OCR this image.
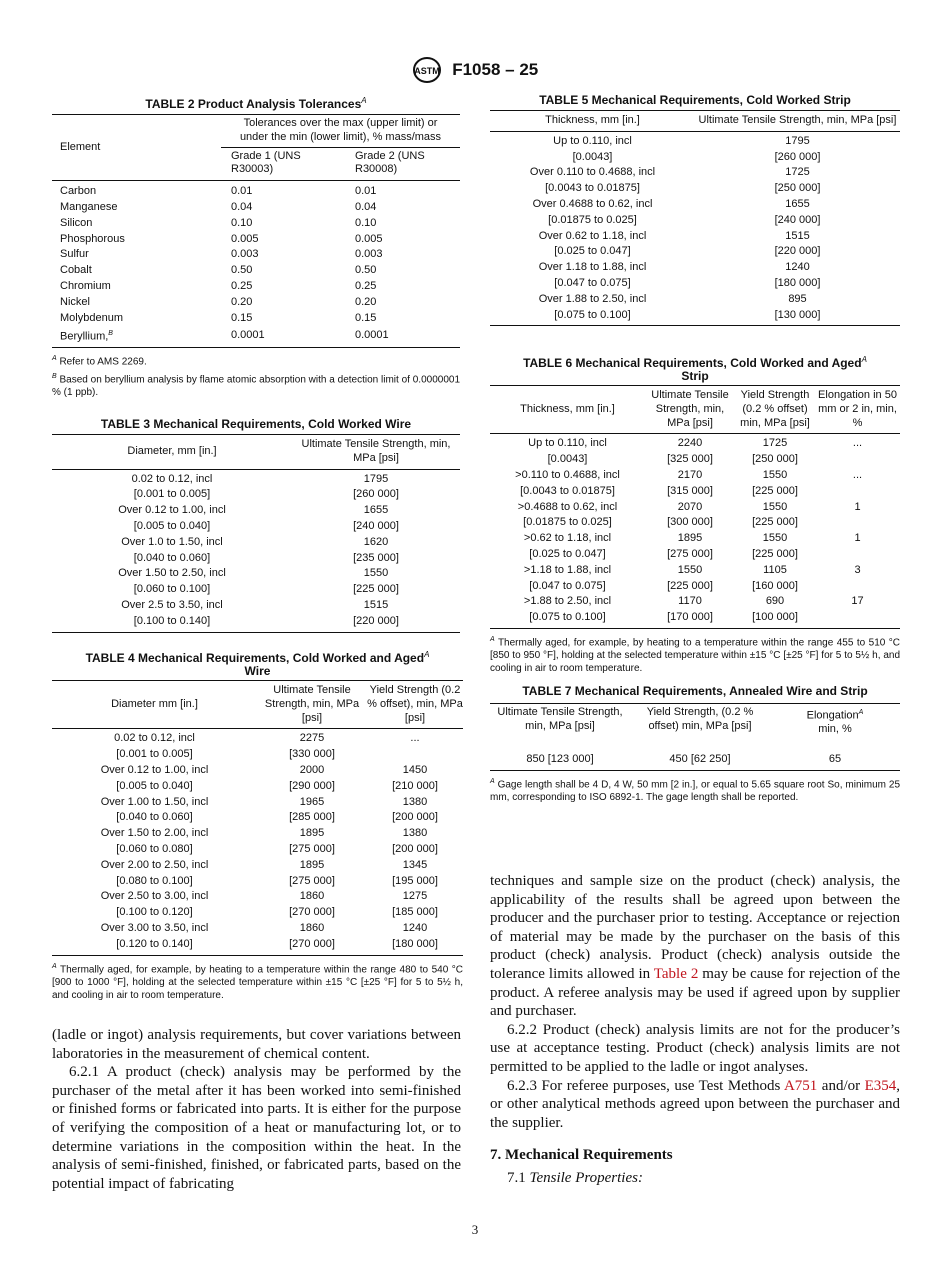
ASTM F1058 – 25
TABLE 2 Product Analysis Tolerances$^A$
Element	Tolerances over the max (upper limit) or under the min (lower limit), % mass/mass	
	Grade 1 (UNS R30003)	Grade 2 (UNS R30008)
Carbon	0.01	0.01
Manganese	0.04	0.04
Silicon	0.10	0.10
Phosphorous	0.005	0.005
Sulfur	0.003	0.003
Cobalt	0.50	0.50
Chromium	0.25	0.25
Nickel	0.20	0.20
Molybdenum	0.15	0.15
Beryllium,$^B$	0.0001	0.0001
$^A$ Refer to AMS 2269.
$^B$ Based on beryllium analysis by flame atomic absorption with a detection limit of 0.0000001 % (1 ppb).
TABLE 3 Mechanical Requirements, Cold Worked Wire
Diameter, mm [in.]	Ultimate Tensile Strength, min, MPa [psi]
0.02 to 0.12, incl	1795
[0.001 to 0.005]	[260 000]
Over 0.12 to 1.00, incl	1655
[0.005 to 0.040]	[240 000]
Over 1.0 to 1.50, incl	1620
[0.040 to 0.060]	[235 000]
Over 1.50 to 2.50, incl	1550
[0.060 to 0.100]	[225 000]
Over 2.5 to 3.50, incl	1515
[0.100 to 0.140]	[220 000]
TABLE 4 Mechanical Requirements, Cold Worked and Aged$^A$
Wire
Diameter mm [in.]	Ultimate Tensile Strength, min, MPa [psi]	Yield Strength (0.2 % offset), min, MPa [psi]
0.02 to 0.12, incl	2275	...
[0.001 to 0.005]	[330 000]	
Over 0.12 to 1.00, incl	2000	1450
[0.005 to 0.040]	[290 000]	[210 000]
Over 1.00 to 1.50, incl	1965	1380
[0.040 to 0.060]	[285 000]	[200 000]
Over 1.50 to 2.00, incl	1895	1380
[0.060 to 0.080]	[275 000]	[200 000]
Over 2.00 to 2.50, incl	1895	1345
[0.080 to 0.100]	[275 000]	[195 000]
Over 2.50 to 3.00, incl	1860	1275
[0.100 to 0.120]	[270 000]	[185 000]
Over 3.00 to 3.50, incl	1860	1240
[0.120 to 0.140]	[270 000]	[180 000]
$^A$ Thermally aged, for example, by heating to a temperature within the range 480 to 540 °C [900 to 1000 °F], holding at the selected temperature within ±15 °C [±25 °F] for 5 to 5½ h, and cooling in air to room temperature.

(ladle or ingot) analysis requirements, but cover variations between laboratories in the measurement of chemical content.

6.2.1 A product (check) analysis may be performed by the purchaser of the metal after it has been worked into semi-finished or finished forms or fabricated into parts. It is either for the purpose of verifying the composition of a heat or manufacturing lot, or to determine variations in the composition within the heat. In the analysis of semi-finished, finished, or fabricated parts, based on the potential impact of fabricating

TABLE 5 Mechanical Requirements, Cold Worked Strip
Thickness, mm [in.]	Ultimate Tensile Strength, min, MPa [psi]
Up to 0.110, incl	1795
[0.0043]	[260 000]
Over 0.110 to 0.4688, incl	1725
[0.0043 to 0.01875]	[250 000]
Over 0.4688 to 0.62, incl	1655
[0.01875 to 0.025]	[240 000]
Over 0.62 to 1.18, incl	1515
[0.025 to 0.047]	[220 000]
Over 1.18 to 1.88, incl	1240
[0.047 to 0.075]	[180 000]
Over 1.88 to 2.50, incl	895
[0.075 to 0.100]	[130 000]
TABLE 6 Mechanical Requirements, Cold Worked and Aged$^A$
Strip
Thickness, mm [in.]	Ultimate Tensile Strength, min, MPa [psi]	Yield Strength (0.2 % offset) min, MPa [psi]	Elongation in 50 mm or 2 in, min, %
Up to 0.110, incl	2240	1725	...
[0.0043]	[325 000]	[250 000]	
>0.110 to 0.4688, incl	2170	1550	...
[0.0043 to 0.01875]	[315 000]	[225 000]	
>0.4688 to 0.62, incl	2070	1550	1
[0.01875 to 0.025]	[300 000]	[225 000]	
>0.62 to 1.18, incl	1895	1550	1
[0.025 to 0.047]	[275 000]	[225 000]	
>1.18 to 1.88, incl	1550	1105	3
[0.047 to 0.075]	[225 000]	[160 000]	
>1.88 to 2.50, incl	1170	690	17
[0.075 to 0.100]	[170 000]	[100 000]	
$^A$ Thermally aged, for example, by heating to a temperature within the range 455 to 510 °C [850 to 950 °F], holding at the selected temperature within ±15 °C [±25 °F] for 5 to 5½ h, and cooling in air to room temperature.
TABLE 7 Mechanical Requirements, Annealed Wire and Strip
Ultimate Tensile Strength, min, MPa [psi]	Yield Strength, (0.2 % offset) min, MPa [psi]	Elongation$^A$
min, %
850 [123 000]	450 [62 250]	65
$^A$ Gage length shall be 4 D, 4 W, 50 mm [2 in.], or equal to 5.65 square root So, minimum 25 mm, corresponding to ISO 6892-1. The gage length shall be reported.

techniques and sample size on the product (check) analysis, the applicability of the results shall be agreed upon between the producer and the purchaser prior to testing. Acceptance or rejection of material may be made by the purchaser on the basis of this product (check) analysis. Product (check) analysis outside the tolerance limits allowed in Table 2 may be cause for rejection of the product. A referee analysis may be used if agreed upon by supplier and purchaser.

6.2.2 Product (check) analysis limits are not for the producer’s use at acceptance testing. Product (check) analysis limits are not permitted to be applied to the ladle or ingot analyses.

6.2.3 For referee purposes, use Test Methods A751 and/or E354, or other analytical methods agreed upon between the purchaser and the supplier.

7. Mechanical Requirements

7.1 Tensile Properties:

3
